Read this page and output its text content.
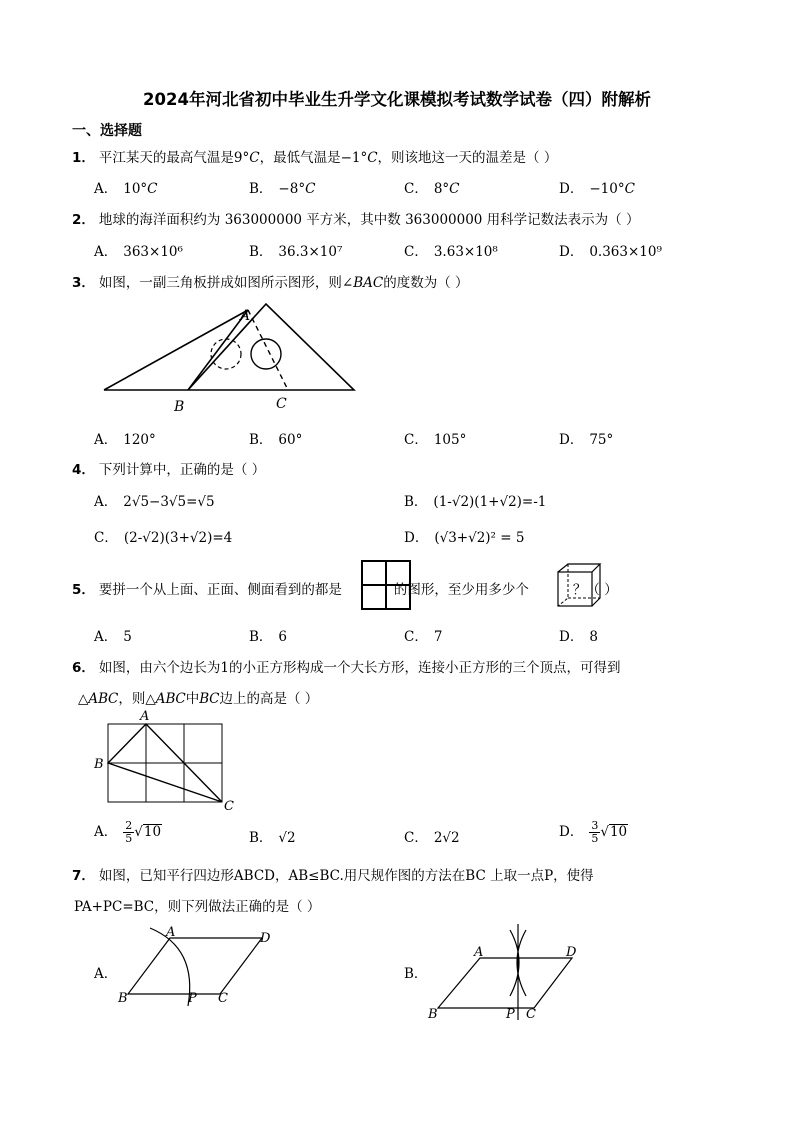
2024年河北省初中毕业生升学文化课模拟考试数学试卷（四）附解析
一、选择题
1． 平江某天的最高气温是9°𝐶，最低气温是−1°𝐶，则该地这一天的温差是（ ）
A． 10°𝐶	B． −8°𝐶	C． 8°𝐶	D． −10°𝐶
2． 地球的海洋面积约为 363000000 平方米，其中数 363000000 用科学记数法表示为（ ）
A． 363×10⁶	B． 36.3×10⁷	C． 3.63×10⁸	D． 0.363×10⁹
3． 如图，一副三角板拼成如图所示图形，则∠𝐵𝐴𝐶的度数为（ ）
A
B	C
A． 120°	B． 60°	C． 105°	D． 75°
4． 下列计算中，正确的是（ ）
A． 2√5−3√5=√5	B． (1-√2)(1+√2)=-1
C． (2-√2)(3+√2)=4	D． (√3+√2)² = 5
5． 要拼一个从上面、正面、侧面看到的都是	的图形，至少用多少个	？（ ）
A． 5	B． 6	C． 7	D． 8
6． 如图，由六个边长为1的小正方形构成一个大长方形，连接小正方形的三个顶点，可得到
△𝐴𝐵𝐶，则△𝐴𝐵𝐶中𝐵𝐶边上的高是（ ）
A
B
C
A． $\frac{2}{5} √10$	B． √2	C． 2√2	D． $\frac{3}{5} √10$
7． 如图，已知平行四边形ABCD，AB≤BC.用尺规作图的方法在BC 上取一点P，使得
PA+PC=BC，则下列做法正确的是（ ）
A．
A	D
B	P C
B．
A	D
B	P C
